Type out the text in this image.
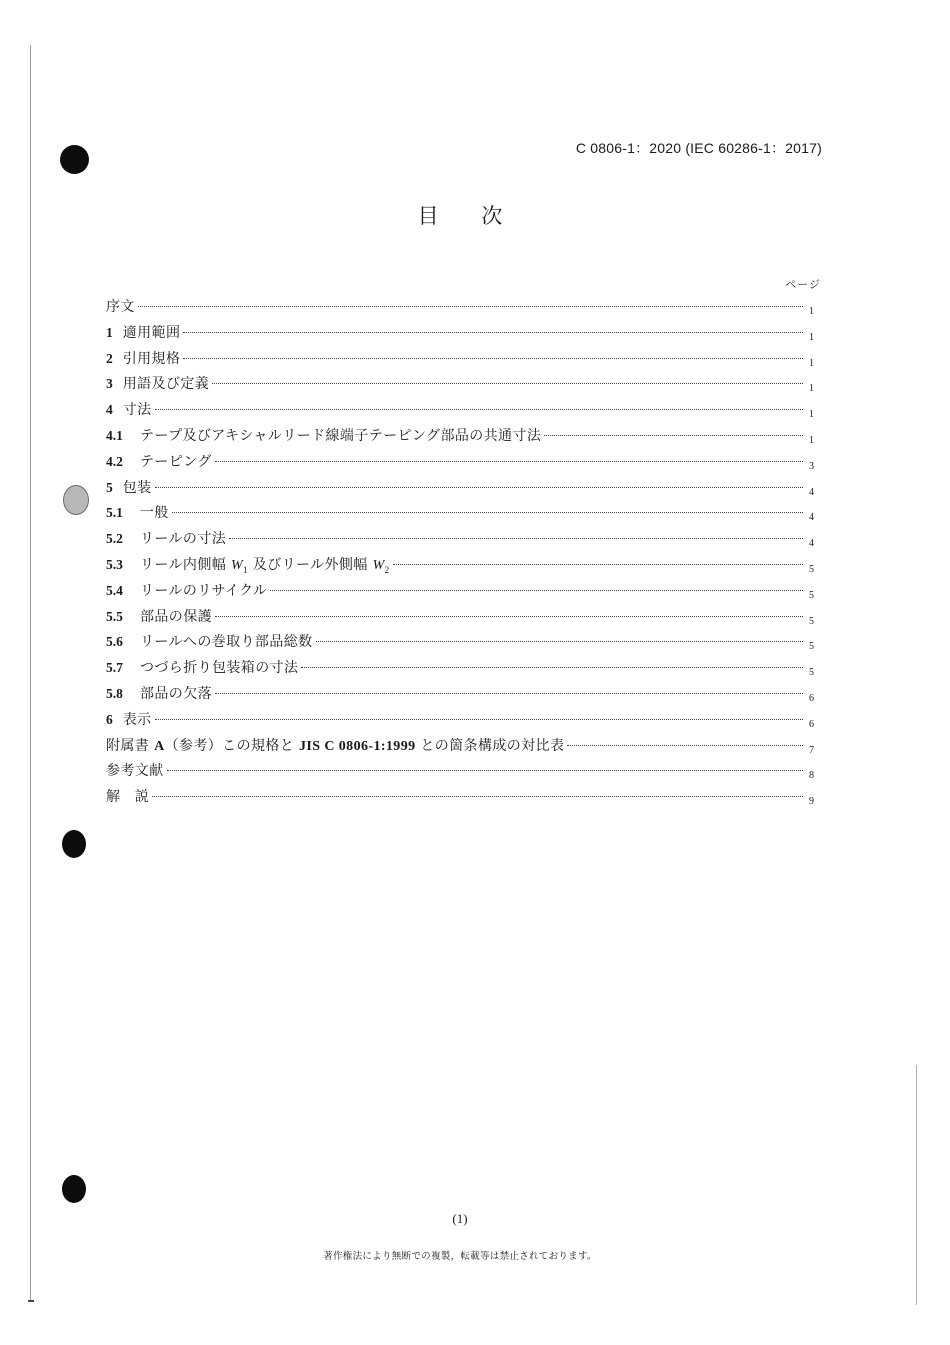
C 0806-1：2020 (IEC 60286-1：2017)
目 次
ページ
序文	1
1 適用範囲	1
2 引用規格	1
3 用語及び定義	1
4 寸法	1
4.1	テープ及びアキシャルリード線端子テーピング部品の共通寸法	1
4.2	テーピング	3
5 包装	4
5.1	一般	4
5.2	リールの寸法	4
5.3	リール内側幅 $W_1$ 及びリール外側幅 $W_2$	5
5.4	リールのリサイクル	5
5.5	部品の保護	5
5.6	リールへの巻取り部品総数	5
5.7	つづら折り包装箱の寸法	5
5.8	部品の欠落	6
6 表示	6
附属書 A（参考）この規格と JIS C 0806-1:1999 との箇条構成の対比表	7
参考文献	8
解　説	9
(1)
著作権法により無断での複製，転載等は禁止されております。
